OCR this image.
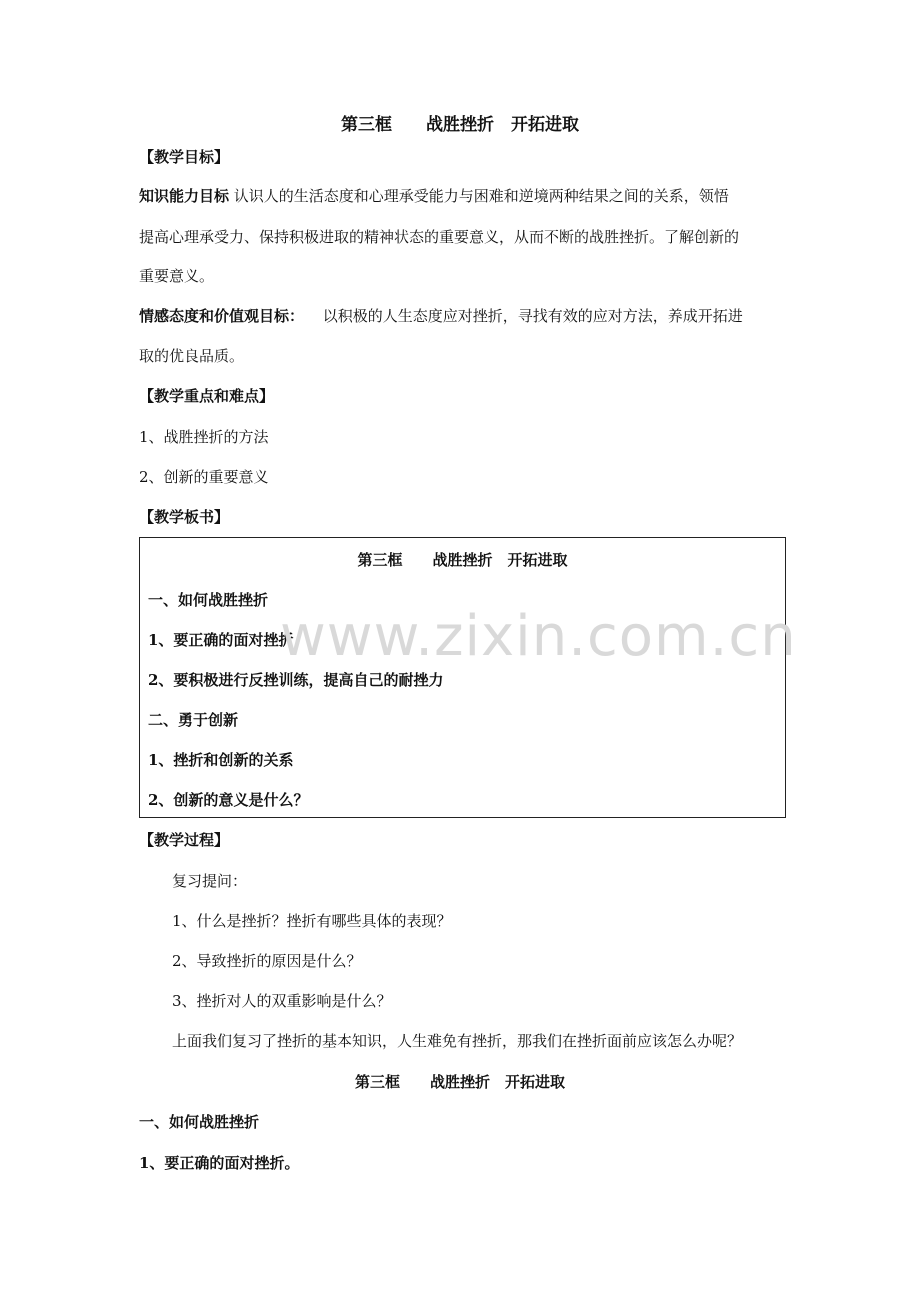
第三框　　战胜挫折　开拓进取
【教学目标】
知识能力目标 认识人的生活态度和心理承受能力与困难和逆境两种结果之间的关系，领悟
提高心理承受力、保持积极进取的精神状态的重要意义，从而不断的战胜挫折。了解创新的
重要意义。
情感态度和价值观目标： 以积极的人生态度应对挫折，寻找有效的应对方法，养成开拓进
取的优良品质。
【教学重点和难点】
1、战胜挫折的方法
2、创新的重要意义
【教学板书】
第三框　　战胜挫折　开拓进取
一、如何战胜挫折
1、要正确的面对挫折
2、要积极进行反挫训练，提高自己的耐挫力
二、勇于创新
1、挫折和创新的关系
2、创新的意义是什么？
www.zixin.com.cn
【教学过程】
复习提问：
1、什么是挫折？挫折有哪些具体的表现？
2、导致挫折的原因是什么？
3、挫折对人的双重影响是什么？
上面我们复习了挫折的基本知识，人生难免有挫折，那我们在挫折面前应该怎么办呢？
第三框　　战胜挫折　开拓进取
一、如何战胜挫折
1、要正确的面对挫折。
